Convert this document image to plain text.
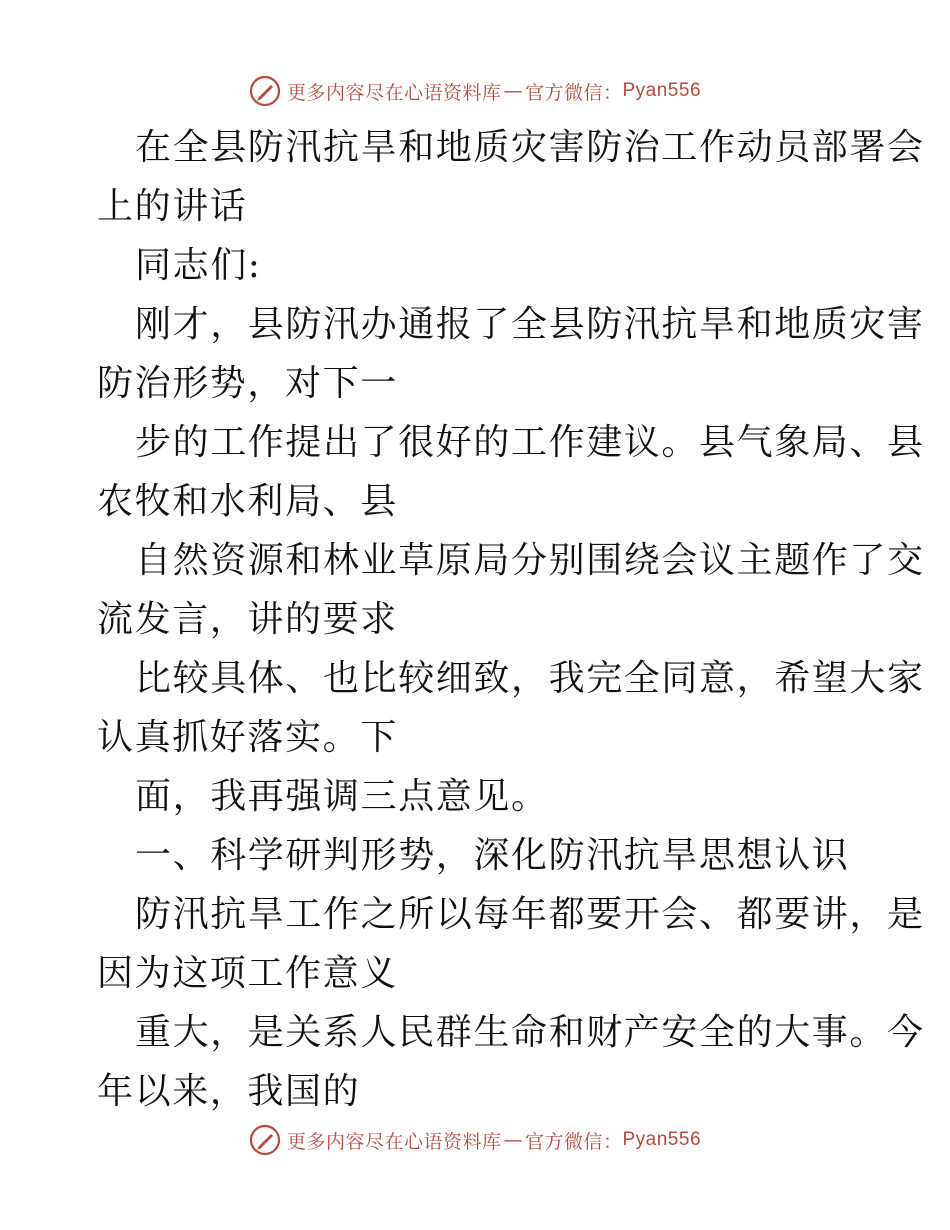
更多内容尽在心语资料库 — 官方微信： Pyan556
在全县防汛抗旱和地质灾害防治工作动员部署会
上的讲话
同志们:
刚才，县防汛办通报了全县防汛抗旱和地质灾害
防治形势，对下一
步的工作提出了很好的工作建议。县气象局、县
农牧和水利局、县
自然资源和林业草原局分别围绕会议主题作了交
流发言，讲的要求
比较具体、也比较细致，我完全同意，希望大家
认真抓好落实。下
面，我再强调三点意见。
一、科学研判形势，深化防汛抗旱思想认识
防汛抗旱工作之所以每年都要开会、都要讲，是
因为这项工作意义
重大，是关系人民群生命和财产安全的大事。今
年以来，我国的
更多内容尽在心语资料库 — 官方微信： Pyan556
